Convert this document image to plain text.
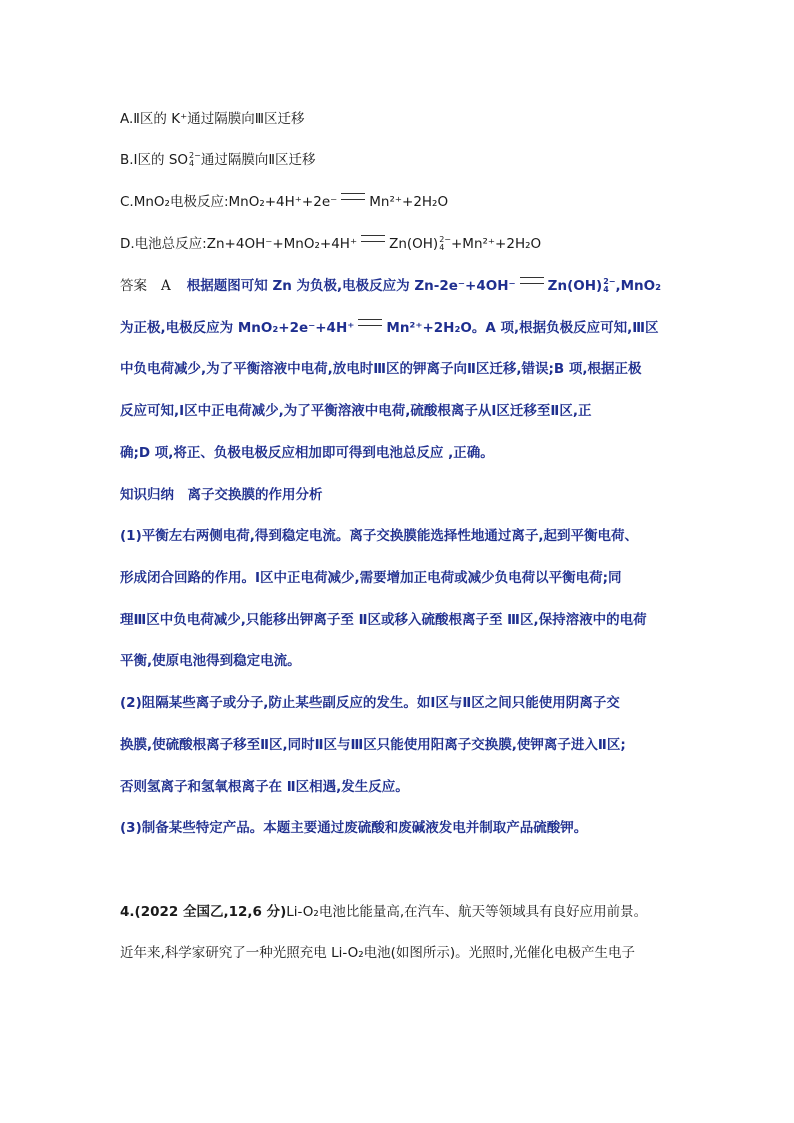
A.Ⅱ区的 K⁺通过隔膜向Ⅲ区迁移
B.Ⅰ区的 SO 2−
4 通过隔膜向Ⅱ区迁移
C.MnO₂电极反应:MnO₂+4H⁺+2e⁻ Mn²⁺+2H₂O
D.电池总反应:Zn+4OH⁻+MnO₂+4H⁺ Zn(OH) 2−
4 +Mn²⁺+2H₂O
答案 A 根据题图可知 Zn 为负极,电极反应为 Zn-2e⁻+4OH⁻ Zn(OH) 2−
4 ,MnO₂
为正极,电极反应为 MnO₂+2e⁻+4H⁺ Mn²⁺+2H₂O。A 项,根据负极反应可知,Ⅲ区
中负电荷减少,为了平衡溶液中电荷,放电时Ⅲ区的钾离子向Ⅱ区迁移,错误;B 项,根据正极
反应可知,Ⅰ区中正电荷减少,为了平衡溶液中电荷,硫酸根离子从Ⅰ区迁移至Ⅱ区,正
确;D 项,将正、负极电极反应相加即可得到电池总反应 ,正确。
知识归纳　离子交换膜的作用分析
(1)平衡左右两侧电荷,得到稳定电流。离子交换膜能选择性地通过离子,起到平衡电荷、
形成闭合回路的作用。Ⅰ区中正电荷减少,需要增加正电荷或减少负电荷以平衡电荷;同
理Ⅲ区中负电荷减少,只能移出钾离子至 Ⅱ区或移入硫酸根离子至 Ⅲ区,保持溶液中的电荷
平衡,使原电池得到稳定电流。
(2)阻隔某些离子或分子,防止某些副反应的发生。如Ⅰ区与Ⅱ区之间只能使用阴离子交
换膜,使硫酸根离子移至Ⅱ区,同时Ⅱ区与Ⅲ区只能使用阳离子交换膜,使钾离子进入Ⅱ区;
否则氢离子和氢氧根离子在 Ⅱ区相遇,发生反应。
(3)制备某些特定产品。本题主要通过废硫酸和废碱液发电并制取产品硫酸钾。
4.(2022 全国乙,12,6 分)Li-O₂电池比能量高,在汽车、航天等领域具有良好应用前景。
近年来,科学家研究了一种光照充电 Li-O₂电池(如图所示)。光照时,光催化电极产生电子
